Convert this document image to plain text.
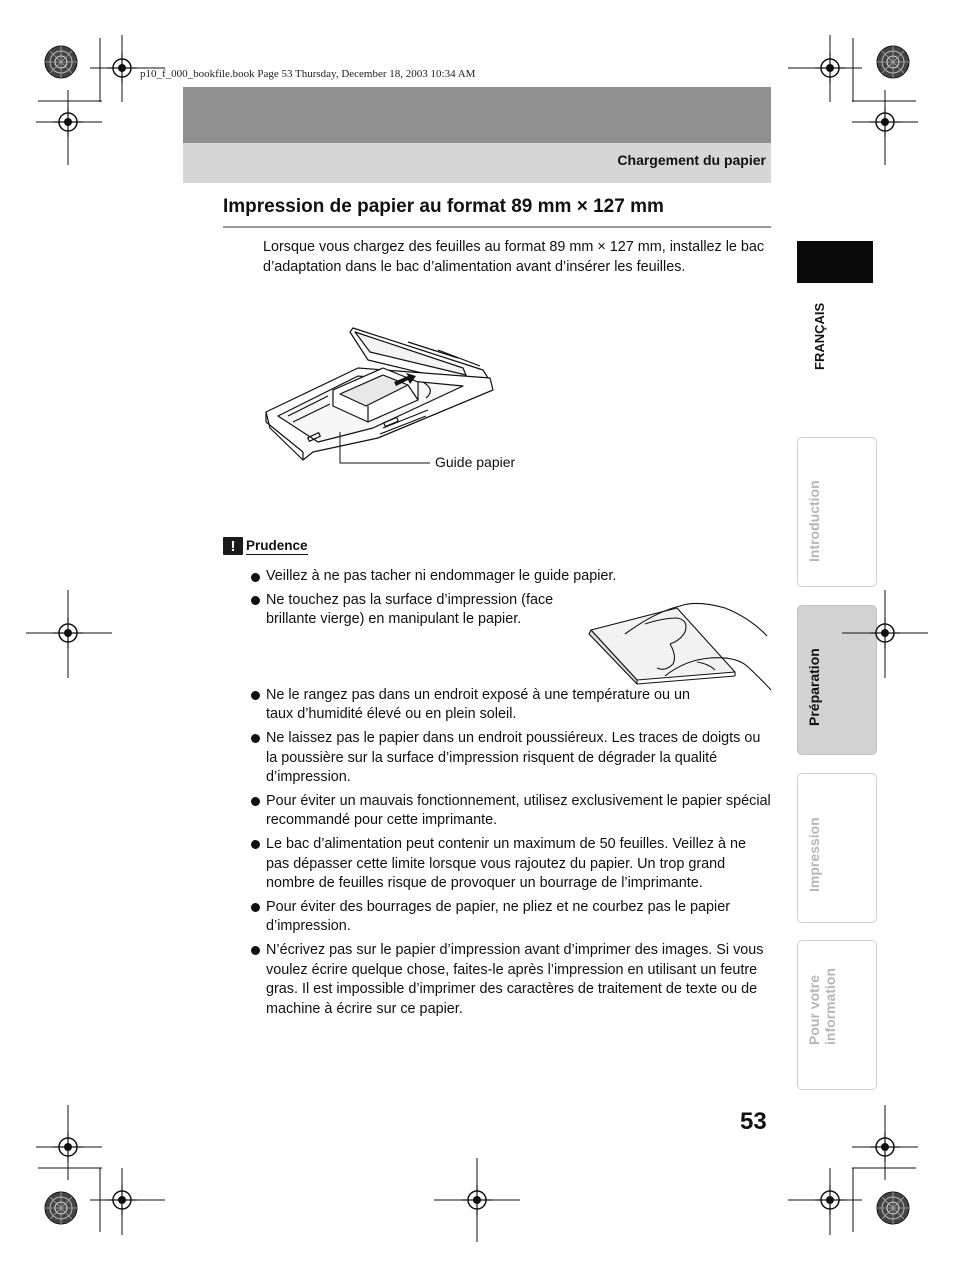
p10_f_000_bookfile.book Page 53 Thursday, December 18, 2003 10:34 AM
Chargement du papier
Impression de papier au format 89 mm × 127 mm
Lorsque vous chargez des feuilles au format 89 mm × 127 mm, installez le bac d’adaptation dans le bac d’alimentation avant d’insérer les feuilles.
Guide papier
! Prudence
Veillez à ne pas tacher ni endommager le guide papier.
Ne touchez pas la surface d’impression (face brillante vierge) en manipulant le papier.
Ne le rangez pas dans un endroit exposé à une température ou un taux d’humidité élevé ou en plein soleil.
Ne laissez pas le papier dans un endroit poussiéreux. Les traces de doigts ou la poussière sur la surface d’impression risquent de dégrader la qualité d’impression.
Pour éviter un mauvais fonctionnement, utilisez exclusivement le papier spécial recommandé pour cette imprimante.
Le bac d’alimentation peut contenir un maximum de 50 feuilles. Veillez à ne pas dépasser cette limite lorsque vous rajoutez du papier. Un trop grand nombre de feuilles risque de provoquer un bourrage de l’imprimante.
Pour éviter des bourrages de papier, ne pliez et ne courbez pas le papier d’impression.
N’écrivez pas sur le papier d’impression avant d’imprimer des images. Si vous voulez écrire quelque chose, faites-le après l’impression en utilisant un feutre gras. Il est impossible d’imprimer des caractères de traitement de texte ou de machine à écrire sur ce papier.
·
FRANÇAIS
Introduction
Préparation
Impression
Pour votre information
53
